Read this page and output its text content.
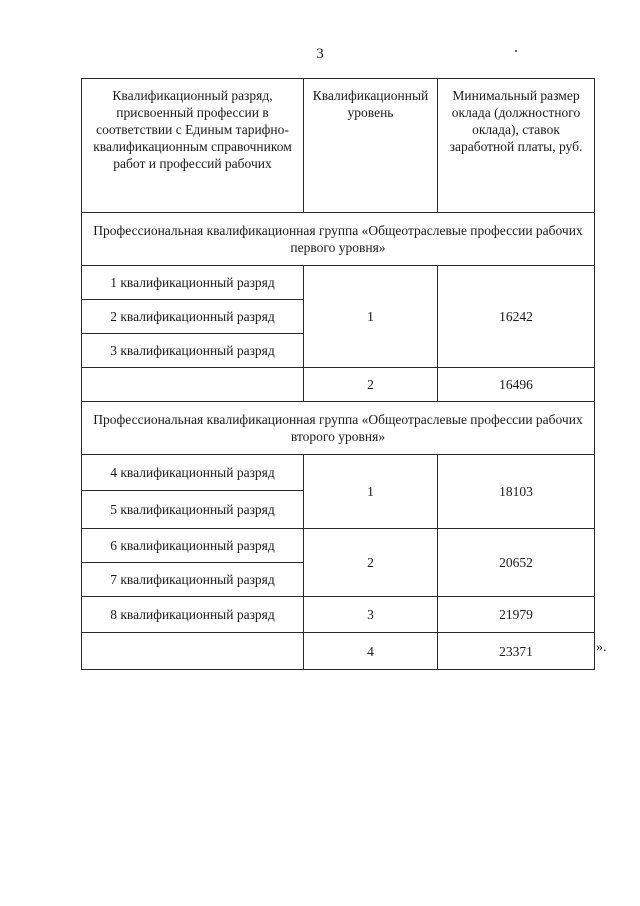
3
Квалификационный разряд, присвоенный профессии в соответствии с Единым тарифно-квалификационным справочником работ и профессий рабочих	Квалификационный уровень	Минимальный размер оклада (должностного оклада), ставок заработной платы, руб.
Профессиональная квалификационная группа «Общеотраслевые профессии рабочих первого уровня»		
1 квалификационный разряд	1	16242
2 квалификационный разряд		
3 квалификационный разряд		
	2	16496
Профессиональная квалификационная группа «Общеотраслевые профессии рабочих второго уровня»		
4 квалификационный разряд	1	18103
5 квалификационный разряд		
6 квалификационный разряд	2	20652
7 квалификационный разряд		
8 квалификационный разряд	3	21979
	4	23371	».
